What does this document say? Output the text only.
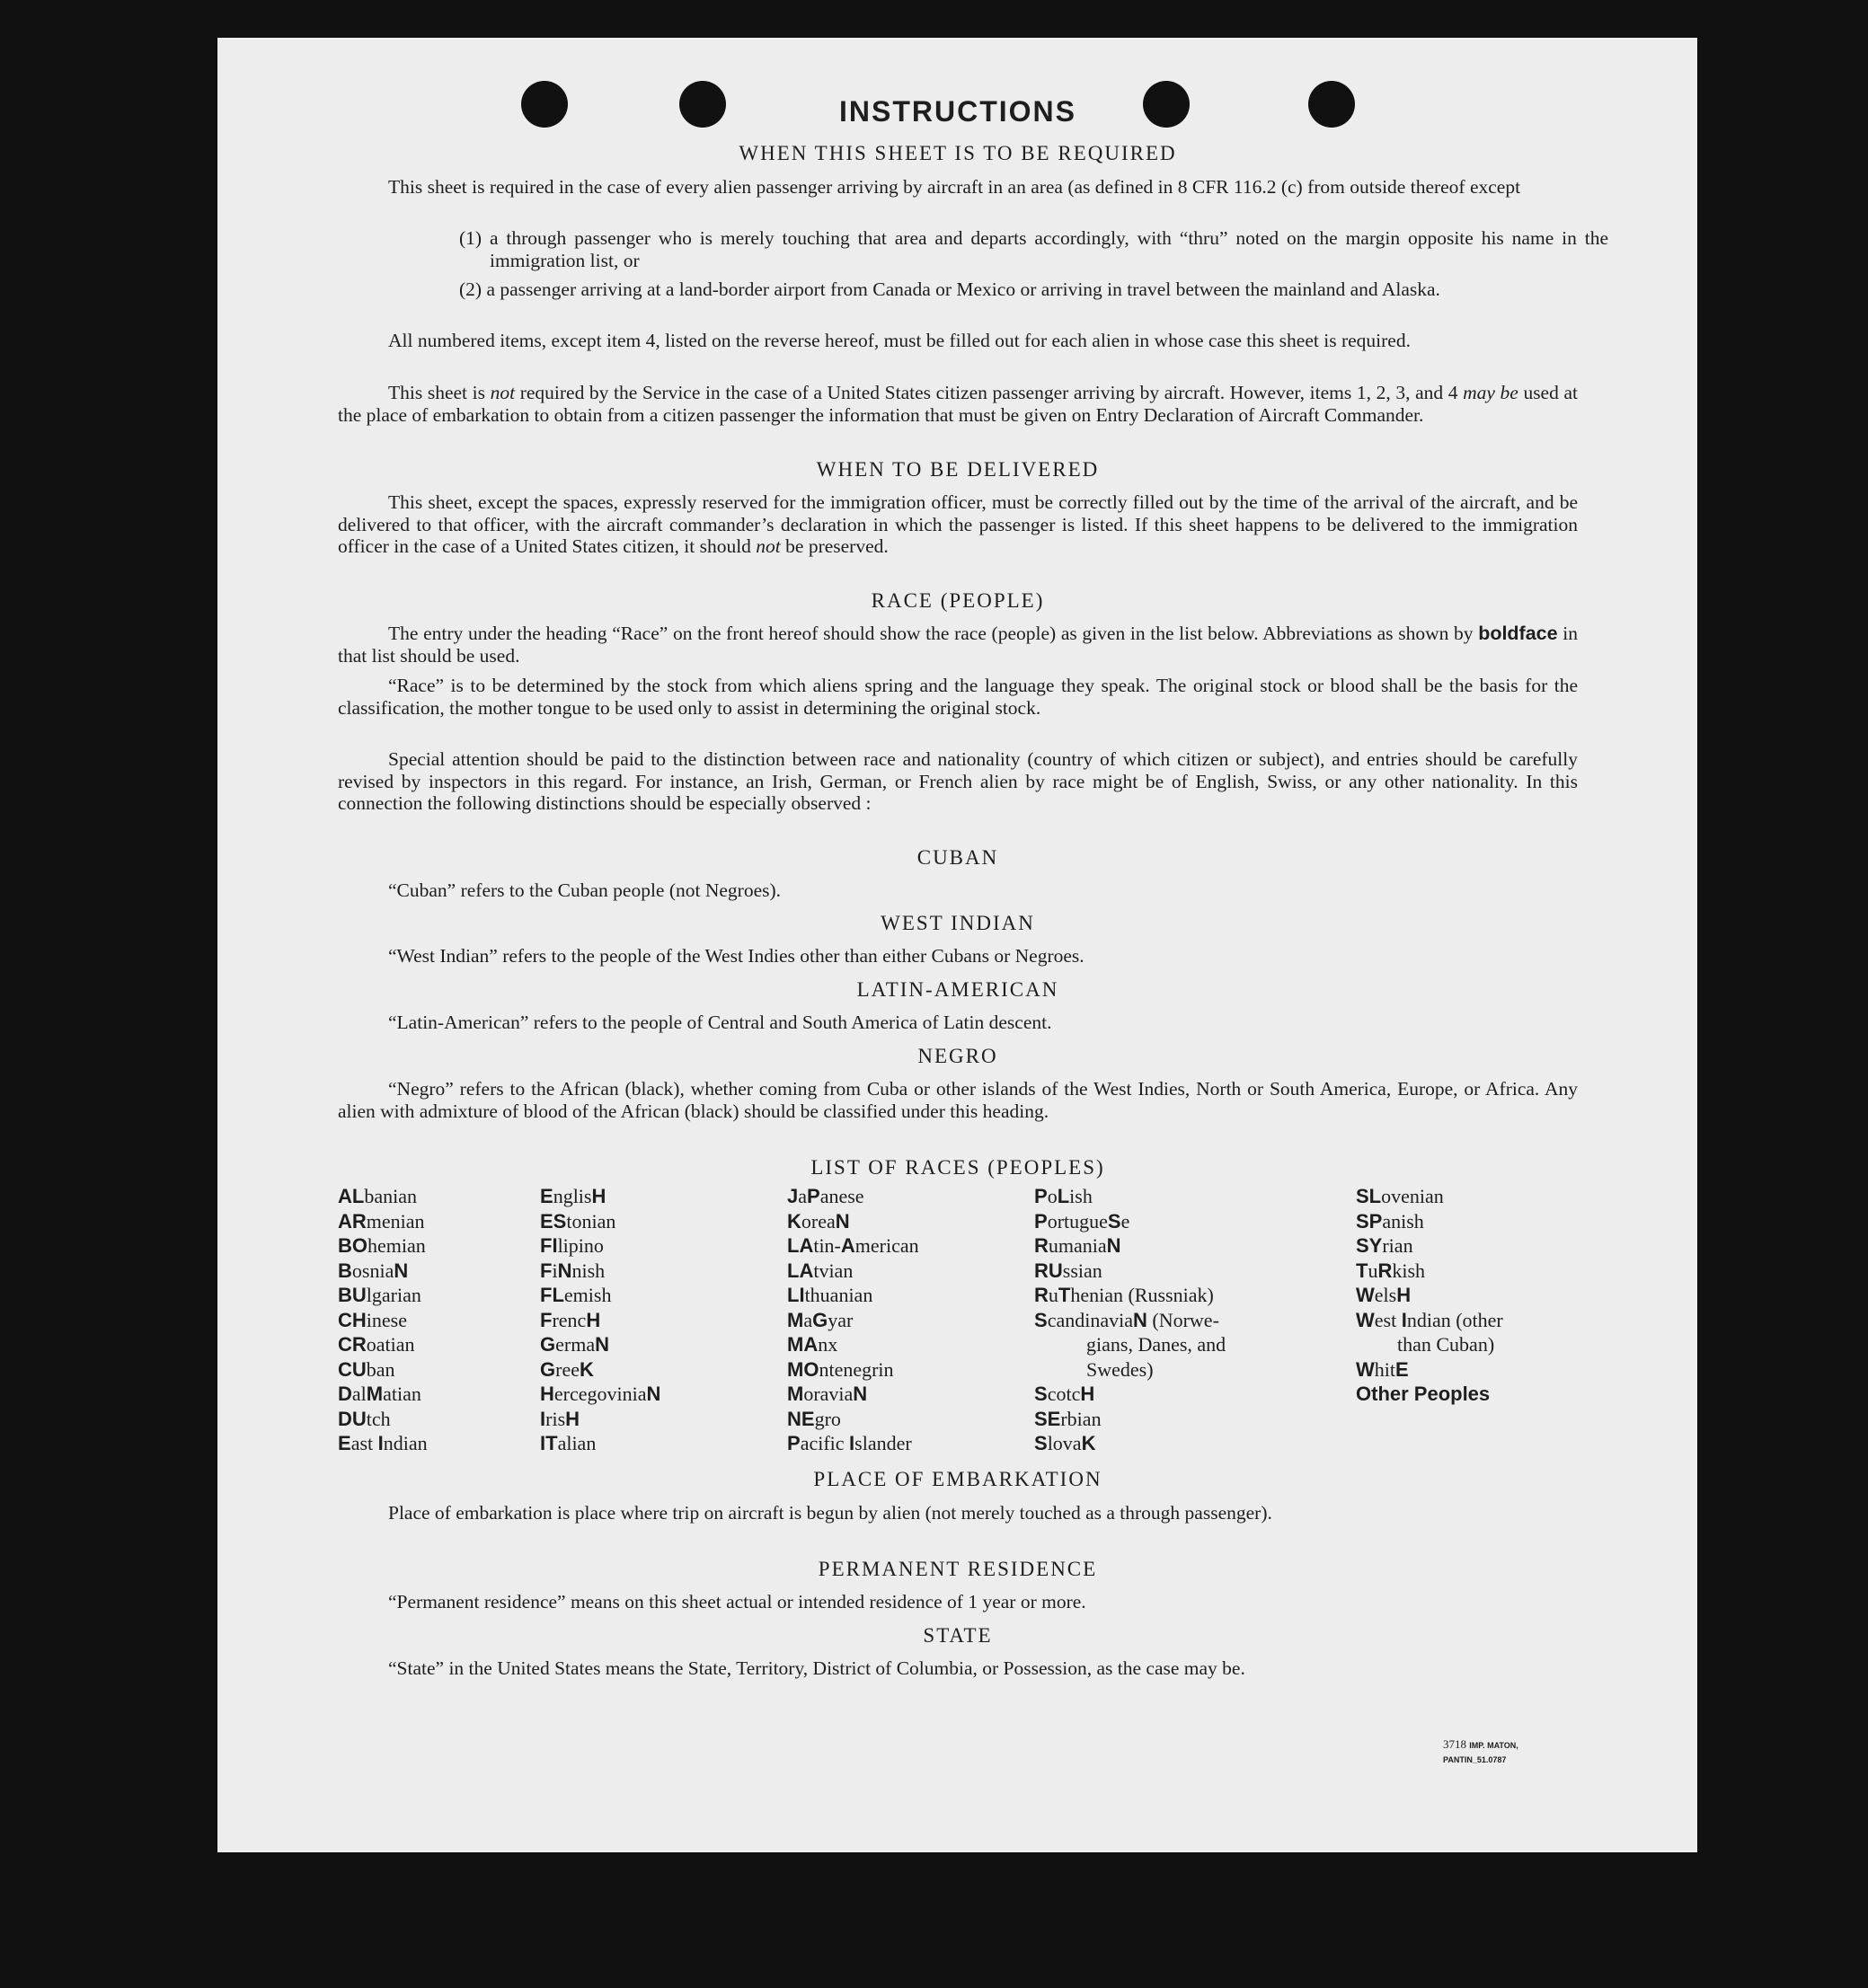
INSTRUCTIONS
WHEN THIS SHEET IS TO BE REQUIRED

This sheet is required in the case of every alien passenger arriving by aircraft in an area (as defined in 8 CFR 116.2 (c) from outside thereof except

(1) a through passenger who is merely touching that area and departs accordingly, with “thru” noted on the margin opposite his name in the immigration list, or

(2) a passenger arriving at a land-border airport from Canada or Mexico or arriving in travel between the mainland and Alaska.

All numbered items, except item 4, listed on the reverse hereof, must be filled out for each alien in whose case this sheet is required.

This sheet is not required by the Service in the case of a United States citizen passenger arriving by aircraft. However, items 1, 2, 3, and 4 may be used at the place of embarkation to obtain from a citizen passenger the information that must be given on Entry Declaration of Aircraft Commander.

WHEN TO BE DELIVERED

This sheet, except the spaces, expressly reserved for the immigration officer, must be correctly filled out by the time of the arrival of the aircraft, and be delivered to that officer, with the aircraft commander’s declaration in which the passenger is listed. If this sheet happens to be delivered to the immigration officer in the case of a United States citizen, it should not be preserved.

RACE (PEOPLE)

The entry under the heading “Race” on the front hereof should show the race (people) as given in the list below. Abbreviations as shown by boldface in that list should be used.

“Race” is to be determined by the stock from which aliens spring and the language they speak. The original stock or blood shall be the basis for the classification, the mother tongue to be used only to assist in determining the original stock.

Special attention should be paid to the distinction between race and nationality (country of which citizen or subject), and entries should be carefully revised by inspectors in this regard. For instance, an Irish, German, or French alien by race might be of English, Swiss, or any other nationality. In this connection the following distinctions should be especially observed :

CUBAN

“Cuban” refers to the Cuban people (not Negroes).

WEST INDIAN

“West Indian” refers to the people of the West Indies other than either Cubans or Negroes.

LATIN-AMERICAN

“Latin-American” refers to the people of Central and South America of Latin descent.

NEGRO

“Negro” refers to the African (black), whether coming from Cuba or other islands of the West Indies, North or South America, Europe, or Africa. Any alien with admixture of blood of the African (black) should be classified under this heading.

LIST OF RACES (PEOPLES)
ALbanian
ARmenian
BOhemian
BosniaN
BUlgarian
CHinese
CRoatian
CUban
DalMatian
DUtch
East Indian
EnglisH
EStonian
FIlipino
FiNnish
FLemish
FrencH
GermaN
GreeK
HercegoviniaN
IrisH
ITalian
JaPanese
KoreaN
LAtin-American
LAtvian
LIthuanian
MaGyar
MAnx
MOntenegrin
MoraviaN
NEgro
Pacific Islander
PoLish
PortugueSe
RumaniaN
RUssian
RuThenian (Russniak)
ScandinaviaN (Norwe-
gians, Danes, and
Swedes)
ScotcH
SErbian
SlovaK
SLovenian
SPanish
SYrian
TuRkish
WelsH
West Indian (other
than Cuban)
WhitE
Other Peoples
PLACE OF EMBARKATION

Place of embarkation is place where trip on aircraft is begun by alien (not merely touched as a through passenger).

PERMANENT RESIDENCE

“Permanent residence” means on this sheet actual or intended residence of 1 year or more.

STATE

“State” in the United States means the State, Territory, District of Columbia, or Possession, as the case may be.

3718 IMP. MATON, PANTIN_51.0787
